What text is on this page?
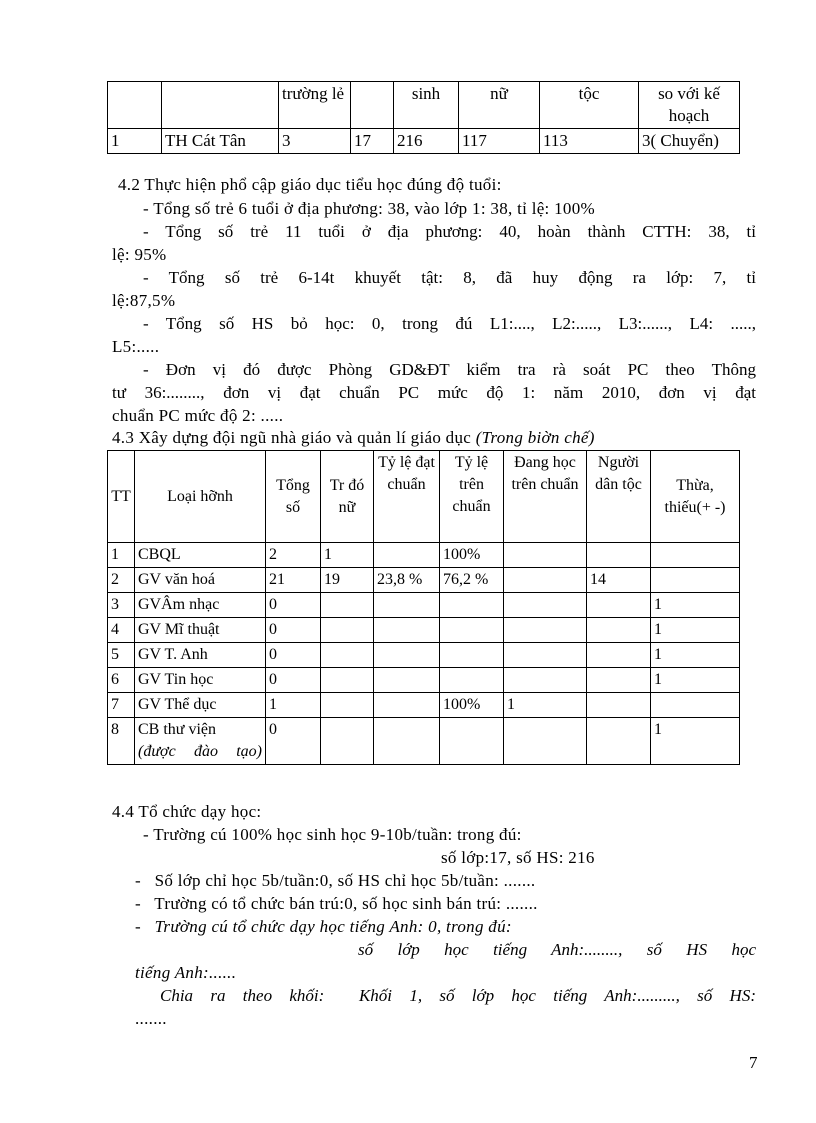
		trường lẻ		sinh	nữ	tộc	so với kế hoạch
1	TH Cát Tân	3	17	216	117	113	3( Chuyển)
4.2 Thực hiện phổ cập giáo dục tiểu học đúng độ tuổi:
- Tổng số trẻ 6 tuổi ở địa phương: 38, vào lớp 1: 38, tỉ lệ: 100%
- Tổng số trẻ 11 tuổi ở địa phương: 40, hoàn thành CTTH: 38, tỉ
lệ: 95%
- Tổng số trẻ 6-14t khuyết tật: 8, đã huy động ra lớp: 7, tỉ
lệ:87,5%
- Tổng số HS bỏ học: 0, trong đú L1:...., L2:....., L3:......, L4: .....,
L5:.....
- Đơn vị đó được Phòng GD&ĐT kiểm tra rà soát PC theo Thông
tư 36:........, đơn vị đạt chuẩn PC mức độ 1: năm 2010, đơn vị đạt
chuẩn PC mức độ 2: .....
4.3 Xây dựng đội ngũ nhà giáo và quản lí giáo dục (Trong biờn chế)
TT	Loại hỡnh	Tổng số	Tr đó nữ	Tỷ lệ đạt chuẩn	Tỷ lệ trên chuẩn	Đang học trên chuẩn	Người dân tộc	Thừa, thiếu(+ -)
1	CBQL	2	1		100%			
2	GV văn hoá	21	19	23,8 %	76,2 %		14	
3	GVÂm nhạc	0						1
4	GV Mĩ thuật	0						1
5	GV T. Anh	0						1
6	GV Tin học	0						1
7	GV Thể dục	1			100%	1		
8	CB thư viện
(được đào tạo)	0						1
4.4 Tổ chức dạy học:
- Trường cú 100% học sinh học 9-10b/tuần: trong đú:
số lớp:17, số HS: 216
-   Số lớp chỉ học 5b/tuần:0, số HS chỉ học 5b/tuần: .......
-   Trường có tổ chức bán trú:0, số học sinh bán trú: .......
-   Trường cú tổ chức dạy học tiếng Anh: 0, trong đú:
số lớp học tiếng Anh:........, số HS học
tiếng Anh:......
Chia ra theo khối:  Khối 1, số lớp học tiếng Anh:........., số HS:
.......
7
